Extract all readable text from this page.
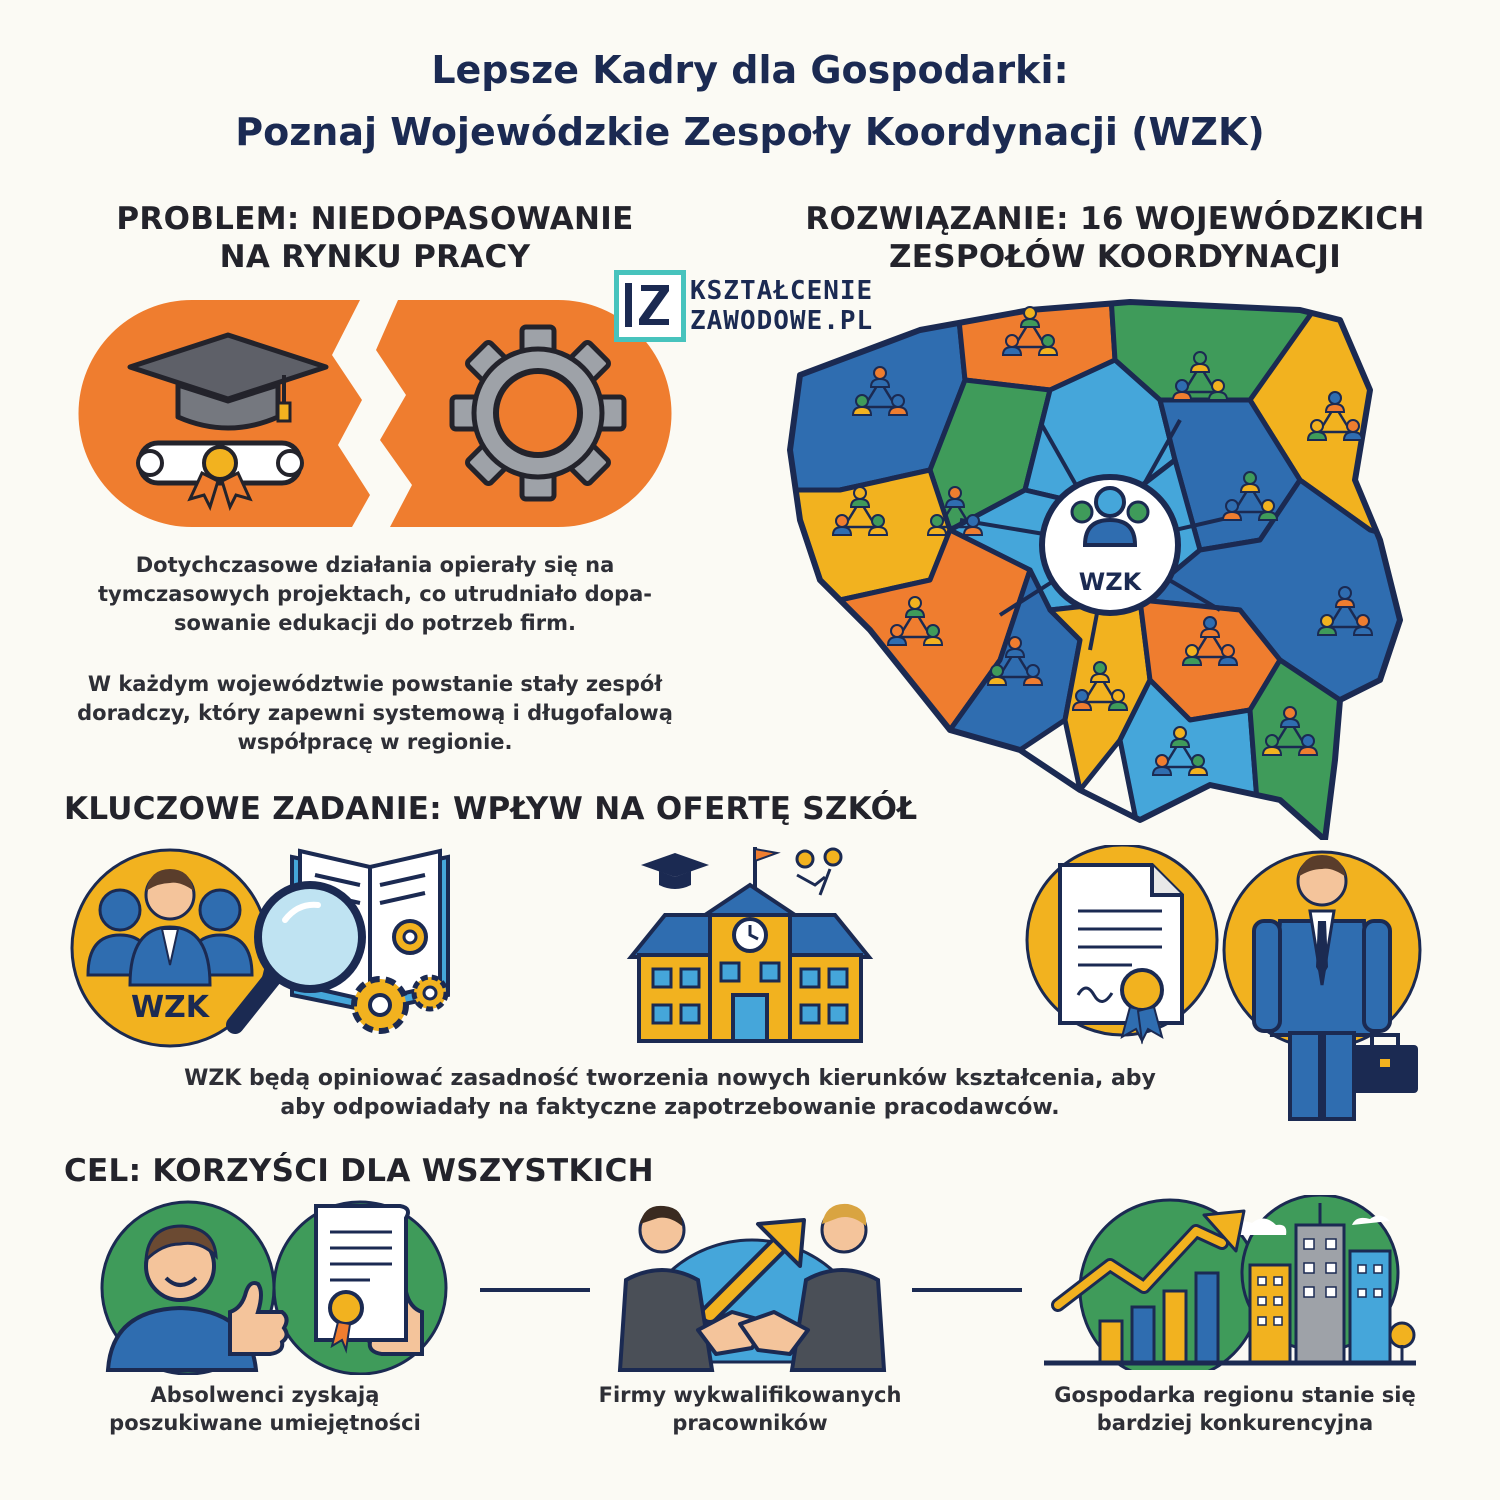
Lepsze Kadry dla Gospodarki:
Poznaj Wojewódzkie Zespoły Koordynacji (WZK)
PROBLEM: NIEDOPASOWANIE
NA RYNKU PRACY
Dotychczasowe działania opierały się na
tymczasowych projektach, co utrudniało dopa-
sowanie edukacji do potrzeb firm.
W każdym województwie powstanie stały zespół
doradczy, który zapewni systemową i długofalową
współpracę w regionie.
ROZWIĄZANIE: 16 WOJEWÓDZKICH
ZESPOŁÓW KOORDYNACJI
WZK
KSZTAŁCENIE
ZAWODOWE.PL
KLUCZOWE ZADANIE: WPŁYW NA OFERTĘ SZKÓŁ
WZK
WZK będą opiniować zasadność tworzenia nowych kierunków kształcenia, aby
aby odpowiadały na faktyczne zapotrzebowanie pracodawców.
CEL: KORZYŚCI DLA WSZYSTKICH
Absolwenci zyskają
poszukiwane umiejętności
Firmy wykwalifikowanych
pracowników
Gospodarka regionu stanie się
bardziej konkurencyjna
